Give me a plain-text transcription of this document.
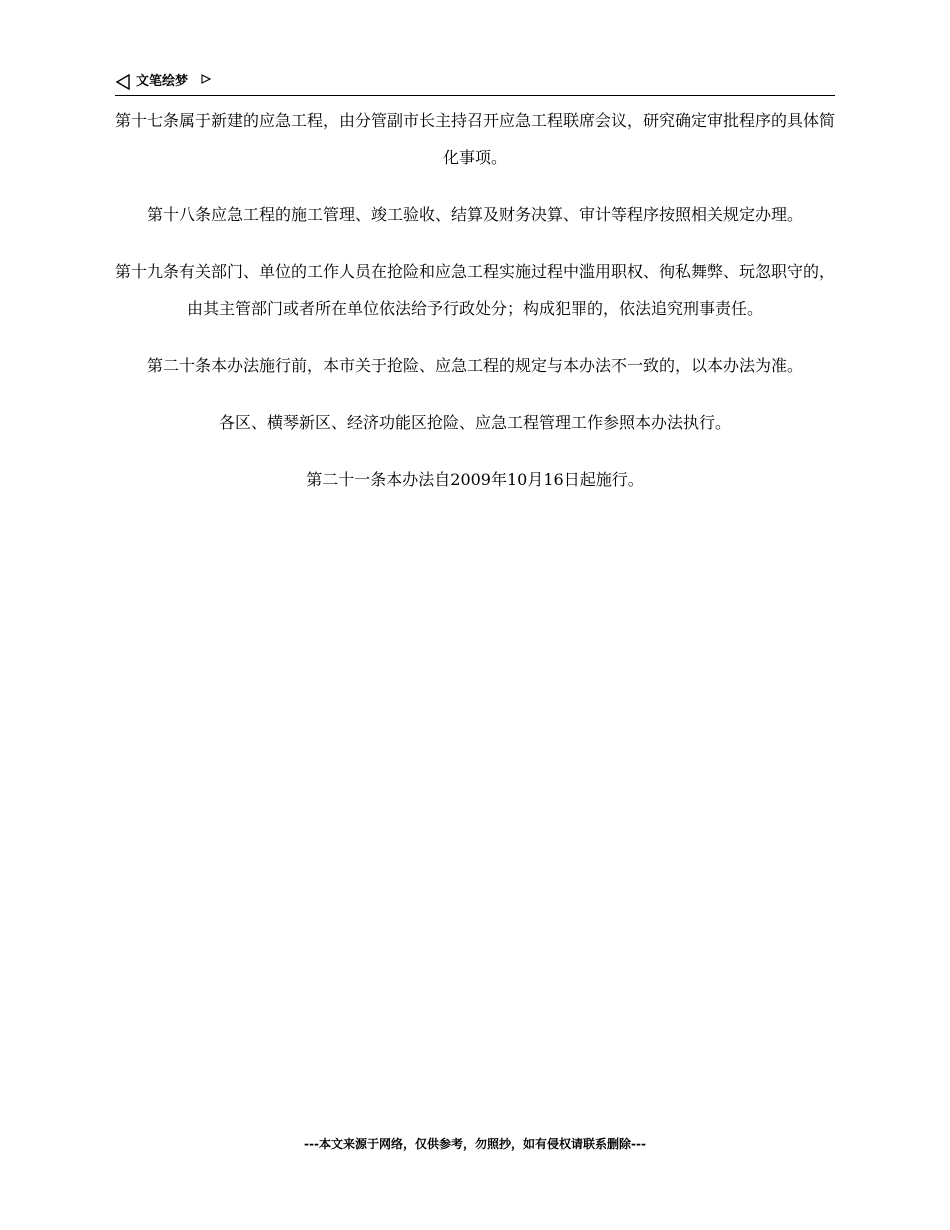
文笔绘梦

第十七条属于新建的应急工程，由分管副市长主持召开应急工程联席会议，研究确定审批程序的具体简化事项。

第十八条应急工程的施工管理、竣工验收、结算及财务决算、审计等程序按照相关规定办理。

第十九条有关部门、单位的工作人员在抢险和应急工程实施过程中滥用职权、徇私舞弊、玩忽职守的，由其主管部门或者所在单位依法给予行政处分；构成犯罪的，依法追究刑事责任。

第二十条本办法施行前，本市关于抢险、应急工程的规定与本办法不一致的，以本办法为准。

各区、横琴新区、经济功能区抢险、应急工程管理工作参照本办法执行。

第二十一条本办法自2009年10月16日起施行。

---本文来源于网络，仅供参考，勿照抄，如有侵权请联系删除---
